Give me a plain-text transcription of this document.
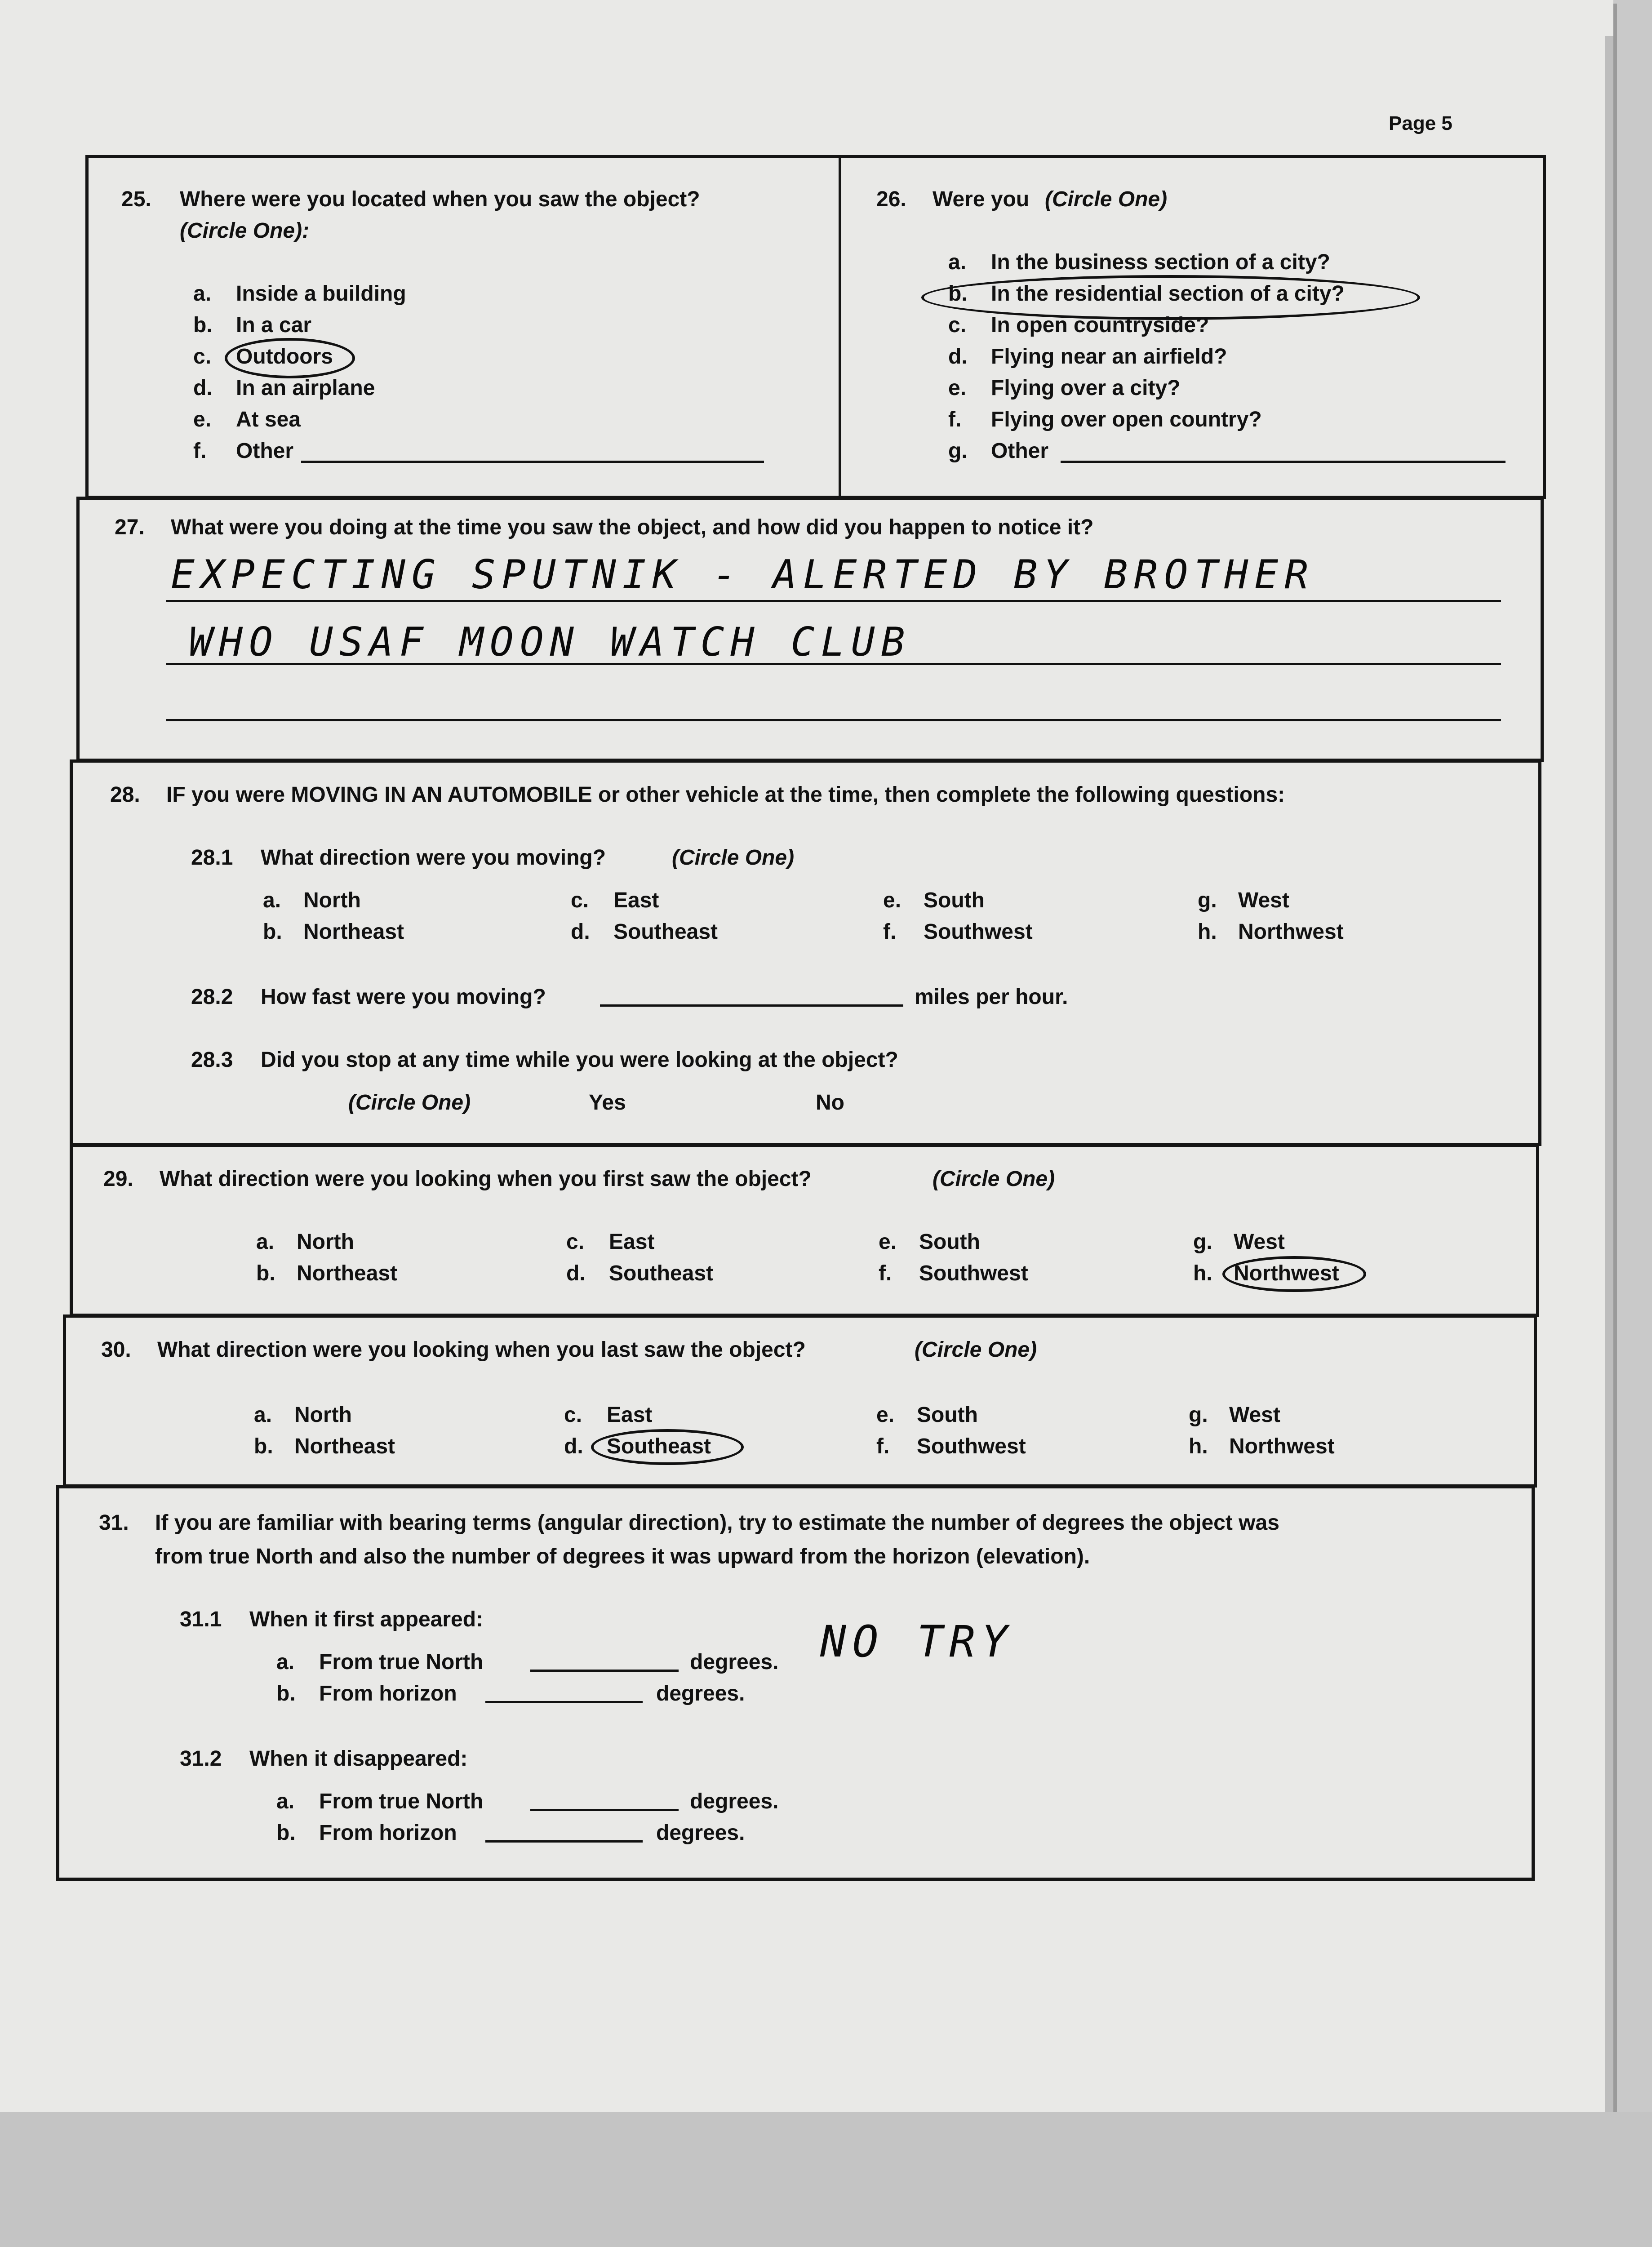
Page 5
25. Where were you located when you saw the object?
(Circle One):
a. Inside a building
b. In a car
c. Outdoors
d. In an airplane
e. At sea
f. Other
26. Were you (Circle One)
a. In the business section of a city?
b. In the residential section of a city?
c. In open countryside?
d. Flying near an airfield?
e. Flying over a city?
f. Flying over open country?
g. Other
27. What were you doing at the time you saw the object, and how did you happen to notice it?
EXPECTING SPUTNIK - ALERTED BY BROTHER
WHO USAF MOON WATCH CLUB
28. IF you were MOVING IN AN AUTOMOBILE or other vehicle at the time, then complete the following questions:
28.1 What direction were you moving?	(Circle One)
a. North
b. Northeast
c. East
d. Southeast
e. South
f. Southwest
g. West
h. Northwest
28.2 How fast were you moving?	miles per hour.
28.3 Did you stop at any time while you were looking at the object?
(Circle One)	Yes	No
29. What direction were you looking when you first saw the object?	(Circle One)
a. North
b. Northeast
c. East
d. Southeast
e. South
f. Southwest
g. West
h. Northwest
30. What direction were you looking when you last saw the object?	(Circle One)
a. North
b. Northeast
c. East
d. Southeast
e. South
f. Southwest
g. West
h. Northwest
31. If you are familiar with bearing terms (angular direction), try to estimate the number of degrees the object was
from true North and also the number of degrees it was upward from the horizon (elevation).
31.1 When it first appeared:
a. From true North	degrees.
b. From horizon	degrees.
NO TRY
31.2 When it disappeared:
a. From true North	degrees.
b. From horizon	degrees.
